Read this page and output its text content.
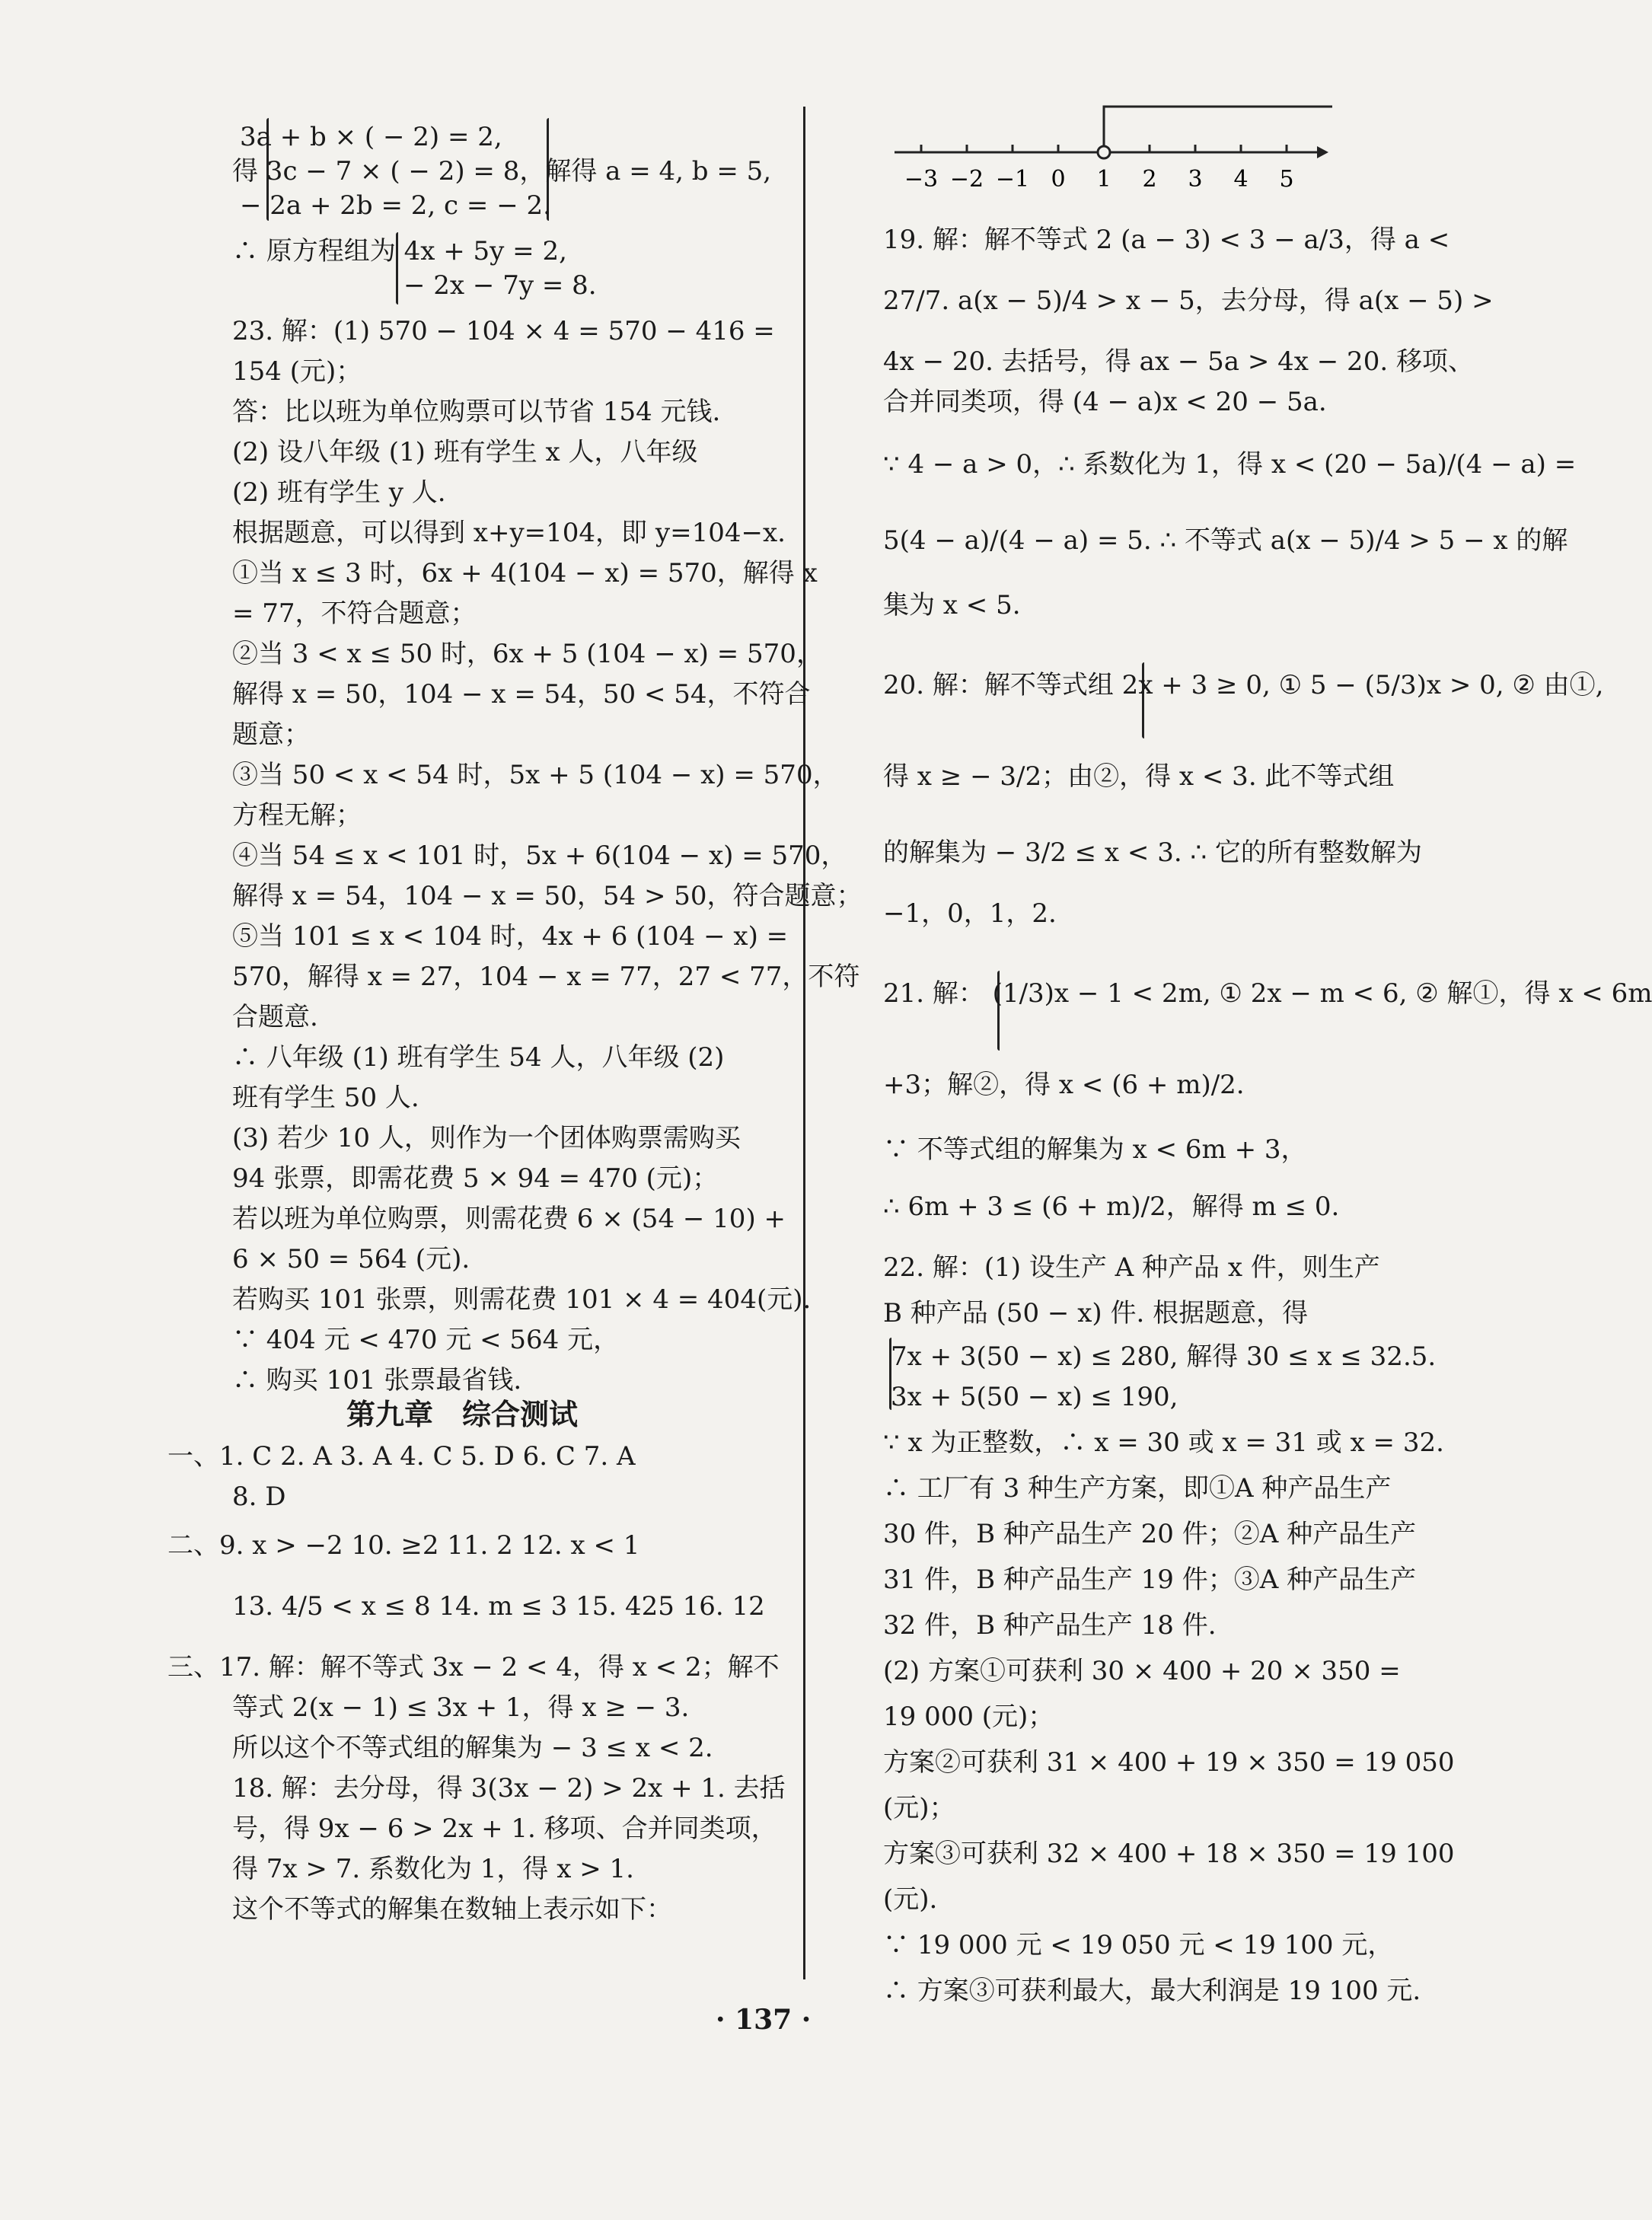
第九章　综合测试
3a + b × ( − 2) = 2,
得 3c − 7 × ( − 2) = 8，解得 a = 4, b = 5,
− 2a + 2b = 2, c = − 2.
∴ 原方程组为 4x + 5y = 2,
− 2x − 7y = 8.
23. 解：(1) 570 − 104 × 4 = 570 − 416 =
154 (元)；
答：比以班为单位购票可以节省 154 元钱.
(2) 设八年级 (1) 班有学生 x 人，八年级
(2) 班有学生 y 人.
根据题意，可以得到 x+y=104，即 y=104−x.
①当 x ≤ 3 时，6x + 4(104 − x) = 570，解得 x
= 77，不符合题意；
②当 3 < x ≤ 50 时，6x + 5 (104 − x) = 570，
解得 x = 50，104 − x = 54，50 < 54，不符合
题意；
③当 50 < x < 54 时，5x + 5 (104 − x) = 570，
方程无解；
④当 54 ≤ x < 101 时，5x + 6(104 − x) = 570，
解得 x = 54，104 − x = 50，54 > 50，符合题意；
⑤当 101 ≤ x < 104 时，4x + 6 (104 − x) =
570，解得 x = 27，104 − x = 77，27 < 77，不符
合题意.
∴ 八年级 (1) 班有学生 54 人，八年级 (2)
班有学生 50 人.
(3) 若少 10 人，则作为一个团体购票需购买
94 张票，即需花费 5 × 94 = 470 (元)；
若以班为单位购票，则需花费 6 × (54 − 10) +
6 × 50 = 564 (元).
若购买 101 张票，则需花费 101 × 4 = 404(元).
∵ 404 元 < 470 元 < 564 元，
∴ 购买 101 张票最省钱.
一、1. C 2. A 3. A 4. C 5. D 6. C 7. A
8. D
二、9. x > −2 10. ≥2 11. 2 12. x < 1
13. 4/5 < x ≤ 8 14. m ≤ 3 15. 425 16. 12
三、17. 解：解不等式 3x − 2 < 4，得 x < 2；解不
等式 2(x − 1) ≤ 3x + 1，得 x ≥ − 3.
所以这个不等式组的解集为 − 3 ≤ x < 2.
18. 解：去分母，得 3(3x − 2) > 2x + 1. 去括
号，得 9x − 6 > 2x + 1. 移项、合并同类项，
得 7x > 7. 系数化为 1，得 x > 1.
这个不等式的解集在数轴上表示如下：
−3 −2 −1 0 1 2 3 4 5
19. 解：解不等式 2 (a − 3) < 3 − a/3，得 a <
27/7. a(x − 5)/4 > x − 5，去分母，得 a(x − 5) >
4x − 20. 去括号，得 ax − 5a > 4x − 20. 移项、
合并同类项，得 (4 − a)x < 20 − 5a.
∵ 4 − a > 0，∴ 系数化为 1，得 x < (20 − 5a)/(4 − a) =
5(4 − a)/(4 − a) = 5. ∴ 不等式 a(x − 5)/4 > 5 − x 的解
集为 x < 5.
20. 解：解不等式组 2x + 3 ≥ 0, ① 5 − (5/3)x > 0, ② 由①,
得 x ≥ − 3/2；由②，得 x < 3. 此不等式组
的解集为 − 3/2 ≤ x < 3. ∴ 它的所有整数解为
−1，0，1，2.
21. 解： (1/3)x − 1 < 2m, ① 2x − m < 6, ② 解①，得 x < 6m
+3；解②，得 x < (6 + m)/2.
∵ 不等式组的解集为 x < 6m + 3，
∴ 6m + 3 ≤ (6 + m)/2，解得 m ≤ 0.
22. 解：(1) 设生产 A 种产品 x 件，则生产
B 种产品 (50 − x) 件. 根据题意，得
7x + 3(50 − x) ≤ 280, 解得 30 ≤ x ≤ 32.5.
3x + 5(50 − x) ≤ 190,
∵ x 为正整数，∴ x = 30 或 x = 31 或 x = 32.
∴ 工厂有 3 种生产方案，即①A 种产品生产
30 件，B 种产品生产 20 件；②A 种产品生产
31 件，B 种产品生产 19 件；③A 种产品生产
32 件，B 种产品生产 18 件.
(2) 方案①可获利 30 × 400 + 20 × 350 =
19 000 (元)；
方案②可获利 31 × 400 + 19 × 350 = 19 050
(元)；
方案③可获利 32 × 400 + 18 × 350 = 19 100
(元).
∵ 19 000 元 < 19 050 元 < 19 100 元，
∴ 方案③可获利最大，最大利润是 19 100 元.
· 137 ·
